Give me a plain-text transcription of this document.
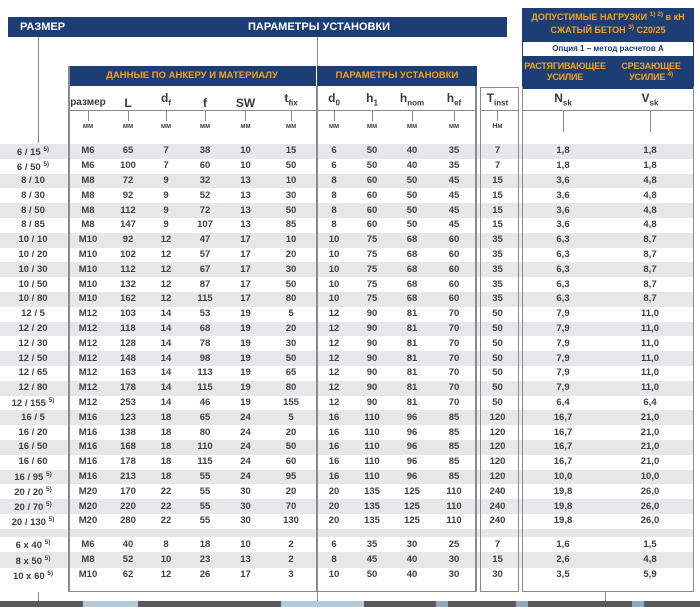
РАЗМЕР	ПАРАМЕТРЫ УСТАНОВКИ
ДОПУСТИМЫЕ НАГРУЗКИ $^{1) 2)}$ в кН
СЖАТЫЙ БЕТОН $^{3)}$ С20/25
Опция 1 – метод расчетов А
РАСТЯГИВАЮЩЕЕ
УСИЛИЕ
СРЕЗАЮЩЕЕ
УСИЛИЕ $^{4)}$
ДАННЫЕ ПО АНКЕРУ И МАТЕРИАЛУ	ПАРАМЕТРЫ УСТАНОВКИ
размер	L	$d_f$	f	SW	$t_{fix}$	$d_0$	$h_1$	$h_{nom}$	$h_{ef}$	$T_{inst}$	$N_{sk}$	$V_{sk}$
мм	мм	мм	мм	мм	мм	мм	мм	мм	мм	Нм
6 / 15 $^{5)}$	M6	65	7	38	10	15	6	50	40	35	7	1,8	1,8
6 / 50 $^{5)}$	M6	100	7	60	10	50	6	50	40	35	7	1,8	1,8
8 / 10	M8	72	9	32	13	10	8	60	50	45	15	3,6	4,8
8 / 30	M8	92	9	52	13	30	8	60	50	45	15	3,6	4,8
8 / 50	M8	112	9	72	13	50	8	60	50	45	15	3,6	4,8
8 / 85	M8	147	9	107	13	85	8	60	50	45	15	3,6	4,8
10 / 10	M10	92	12	47	17	10	10	75	68	60	35	6,3	8,7
10 / 20	M10	102	12	57	17	20	10	75	68	60	35	6,3	8,7
10 / 30	M10	112	12	67	17	30	10	75	68	60	35	6,3	8,7
10 / 50	M10	132	12	87	17	50	10	75	68	60	35	6,3	8,7
10 / 80	M10	162	12	115	17	80	10	75	68	60	35	6,3	8,7
12 / 5	M12	103	14	53	19	5	12	90	81	70	50	7,9	11,0
12 / 20	M12	118	14	68	19	20	12	90	81	70	50	7,9	11,0
12 / 30	M12	128	14	78	19	30	12	90	81	70	50	7,9	11,0
12 / 50	M12	148	14	98	19	50	12	90	81	70	50	7,9	11,0
12 / 65	M12	163	14	113	19	65	12	90	81	70	50	7,9	11,0
12 / 80	M12	178	14	115	19	80	12	90	81	70	50	7,9	11,0
12 / 155 $^{5)}$	M12	253	14	46	19	155	12	90	81	70	50	6,4	6,4
16 / 5	M16	123	18	65	24	5	16	110	96	85	120	16,7	21,0
16 / 20	M16	138	18	80	24	20	16	110	96	85	120	16,7	21,0
16 / 50	M16	168	18	110	24	50	16	110	96	85	120	16,7	21,0
16 / 60	M16	178	18	115	24	60	16	110	96	85	120	16,7	21,0
16 / 95 $^{5)}$	M16	213	18	55	24	95	16	110	96	85	120	10,0	10,0
20 / 20 $^{5)}$	M20	170	22	55	30	20	20	135	125	110	240	19,8	26,0
20 / 70 $^{5)}$	M20	220	22	55	30	70	20	135	125	110	240	19,8	26,0
20 / 130 $^{5)}$	M20	280	22	55	30	130	20	135	125	110	240	19,8	26,0
6 x 40 $^{5)}$	M6	40	8	18	10	2	6	35	30	25	7	1,6	1,5
8 x 50 $^{5)}$	M8	52	10	23	13	2	8	45	40	30	15	2,6	4,8
10 x 60 $^{5)}$	M10	62	12	26	17	3	10	50	40	30	30	3,5	5,9
